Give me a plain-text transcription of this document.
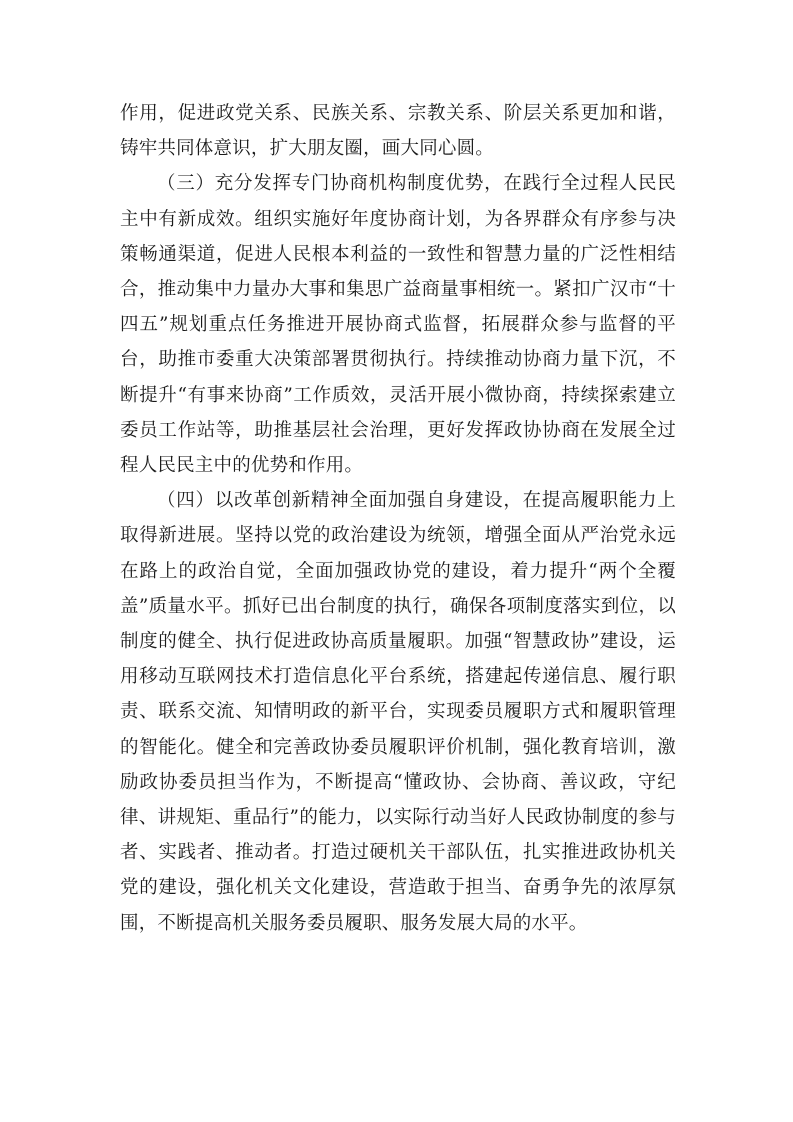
作用，促进政党关系、民族关系、宗教关系、阶层关系更加和谐，铸牢共同体意识，扩大朋友圈，画大同心圆。

（三）充分发挥专门协商机构制度优势，在践行全过程人民民主中有新成效。组织实施好年度协商计划，为各界群众有序参与决策畅通渠道，促进人民根本利益的一致性和智慧力量的广泛性相结合，推动集中力量办大事和集思广益商量事相统一。紧扣广汉市“十四五”规划重点任务推进开展协商式监督，拓展群众参与监督的平台，助推市委重大决策部署贯彻执行。持续推动协商力量下沉，不断提升“有事来协商”工作质效，灵活开展小微协商，持续探索建立委员工作站等，助推基层社会治理，更好发挥政协协商在发展全过程人民民主中的优势和作用。

（四）以改革创新精神全面加强自身建设，在提高履职能力上取得新进展。坚持以党的政治建设为统领，增强全面从严治党永远在路上的政治自觉，全面加强政协党的建设，着力提升“两个全覆盖”质量水平。抓好已出台制度的执行，确保各项制度落实到位，以制度的健全、执行促进政协高质量履职。加强“智慧政协”建设，运用移动互联网技术打造信息化平台系统，搭建起传递信息、履行职责、联系交流、知情明政的新平台，实现委员履职方式和履职管理的智能化。健全和完善政协委员履职评价机制，强化教育培训，激励政协委员担当作为，不断提高“懂政协、会协商、善议政，守纪律、讲规矩、重品行”的能力，以实际行动当好人民政协制度的参与者、实践者、推动者。打造过硬机关干部队伍，扎实推进政协机关党的建设，强化机关文化建设，营造敢于担当、奋勇争先的浓厚氛围，不断提高机关服务委员履职、服务发展大局的水平。
